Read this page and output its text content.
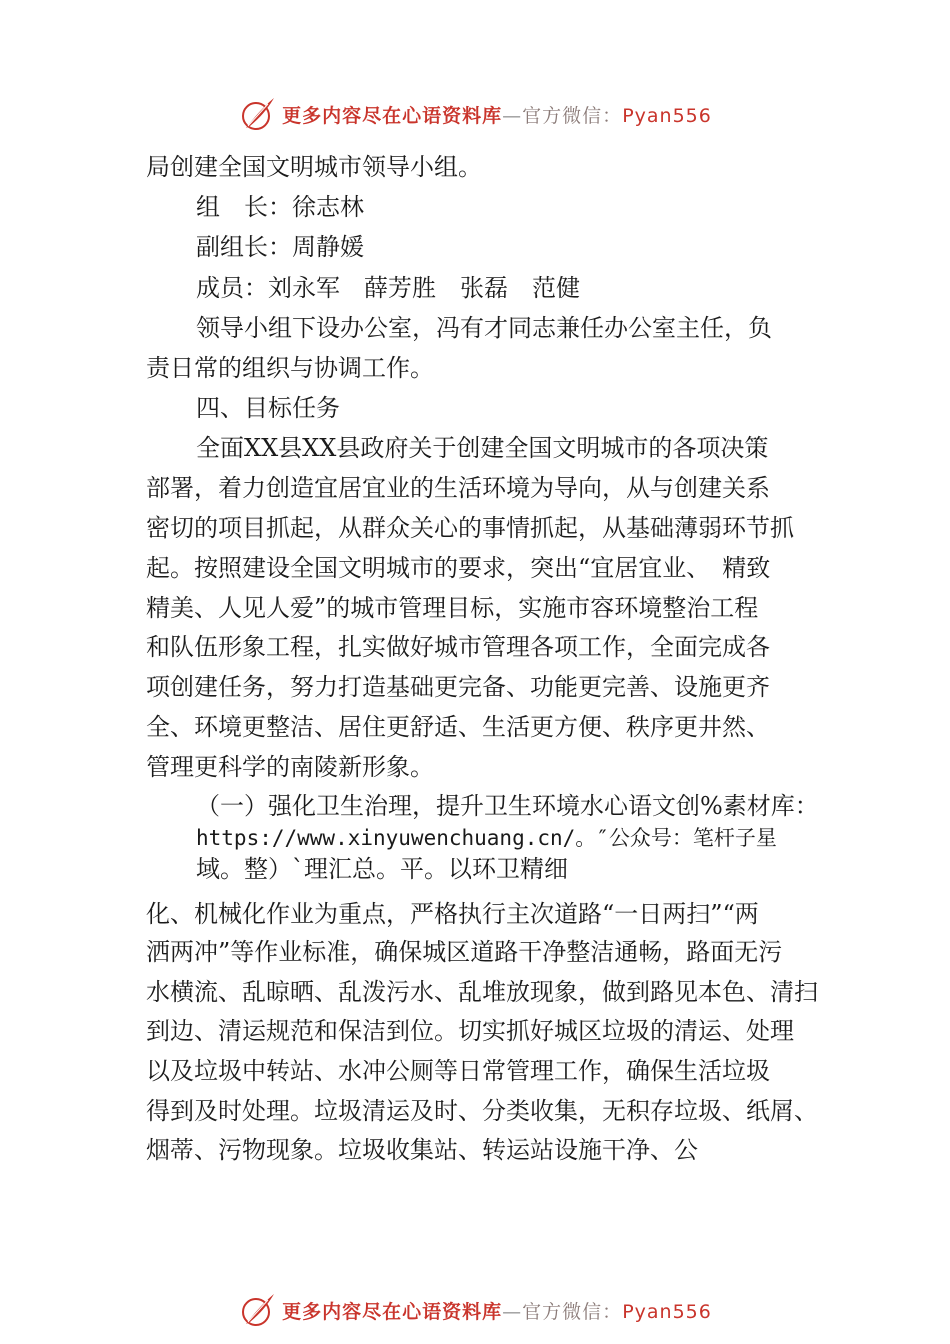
更多内容尽在心语资料库—官方微信：Pyan556

局创建全国文明城市领导小组。

组　长：徐志林

副组长：周静媛

成员：刘永军　薛芳胜　张磊　范健

领导小组下设办公室，冯有才同志兼任办公室主任，负

责日常的组织与协调工作。

四、目标任务

全面XX县XX县政府关于创建全国文明城市的各项决策

部署，着力创造宜居宜业的生活环境为导向，从与创建关系

密切的项目抓起，从群众关心的事情抓起，从基础薄弱环节抓

起。按照建设全国文明城市的要求，突出“宜居宜业、　精致

精美、人见人爱”的城市管理目标，实施市容环境整治工程

和队伍形象工程，扎实做好城市管理各项工作，全面完成各

项创建任务，努力打造基础更完备、功能更完善、设施更齐

全、环境更整洁、居住更舒适、生活更方便、秩序更井然、

管理更科学的南陵新形象。

（一）强化卫生治理，提升卫生环境水心语文创%素材库：

https://www.xinyuwenchuang.cn/。″公众号：笔杆子星

域。整）`理汇总。平。以环卫精细

化、机械化作业为重点，严格执行主次道路“一日两扫”“两

洒两冲”等作业标准，确保城区道路干净整洁通畅，路面无污

水横流、乱晾晒、乱泼污水、乱堆放现象，做到路见本色、清扫

到边、清运规范和保洁到位。切实抓好城区垃圾的清运、处理

以及垃圾中转站、水冲公厕等日常管理工作，确保生活垃圾

得到及时处理。垃圾清运及时、分类收集，无积存垃圾、纸屑、

烟蒂、污物现象。垃圾收集站、转运站设施干净、公

更多内容尽在心语资料库—官方微信：Pyan556
